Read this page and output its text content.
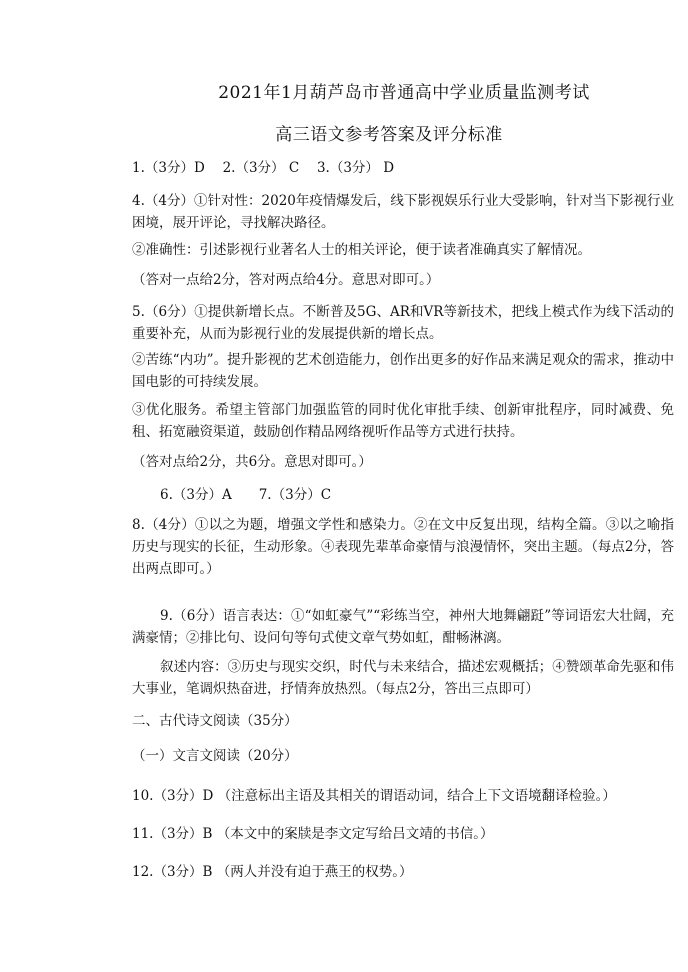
2021年1月葫芦岛市普通高中学业质量监测考试
高三语文参考答案及评分标准
1.（3分）D　 2.（3分） C　 3.（3分） D
4.（4分）①针对性：2020年疫情爆发后，线下影视娱乐行业大受影响，针对当下影视行业困境，展开评论，寻找解决路径。
②准确性：引述影视行业著名人士的相关评论，便于读者准确真实了解情况。
（答对一点给2分，答对两点给4分。意思对即可。）
5.（6分）①提供新增长点。不断普及5G、AR和VR等新技术，把线上模式作为线下活动的重要补充，从而为影视行业的发展提供新的增长点。
②苦练“内功”。提升影视的艺术创造能力，创作出更多的好作品来满足观众的需求，推动中国电影的可持续发展。
③优化服务。希望主管部门加强监管的同时优化审批手续、创新审批程序，同时减费、免租、拓宽融资渠道，鼓励创作精品网络视听作品等方式进行扶持。
（答对点给2分，共6分。意思对即可。）
6.（3分）A　　7.（3分）C
8.（4分）①以之为题，增强文学性和感染力。②在文中反复出现，结构全篇。③以之喻指历史与现实的长征，生动形象。④表现先辈革命豪情与浪漫情怀，突出主题。（每点2分，答出两点即可。）
9.（6分）语言表达：①“如虹豪气”“彩练当空，神州大地舞翩跹”等词语宏大壮阔，充满豪情；②排比句、设问句等句式使文章气势如虹，酣畅淋漓。
叙述内容：③历史与现实交织，时代与未来结合，描述宏观概括；④赞颂革命先驱和伟大事业，笔调炽热奋进，抒情奔放热烈。（每点2分，答出三点即可）
二、古代诗文阅读（35分）
（一）文言文阅读（20分）
10.（3分）D （注意标出主语及其相关的谓语动词，结合上下文语境翻译检验。）
11.（3分）B （本文中的案牍是李文定写给吕文靖的书信。）
12.（3分）B （两人并没有迫于燕王的权势。）
